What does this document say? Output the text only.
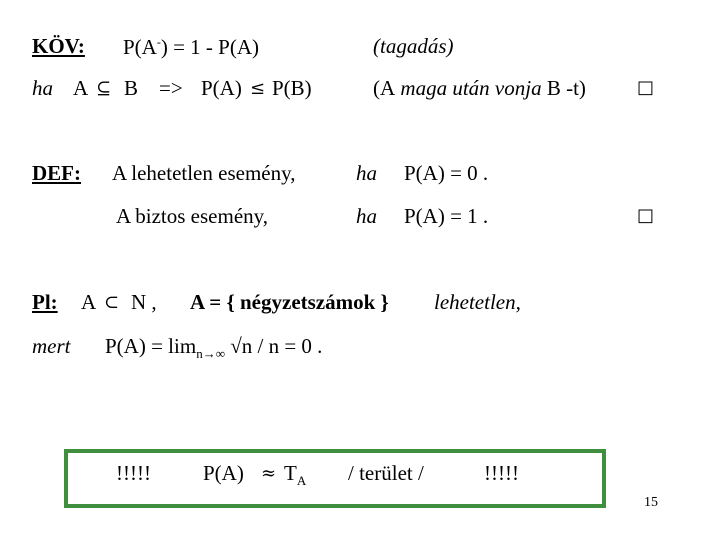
KÖV: P(A-) = 1 - P(A)	(tagadás)
ha A ⊆ B => P(A) ≤ P(B)	(A maga után vonja B -t)	□
DEF: A lehetetlen esemény,	ha P(A) = 0 .
A biztos esemény,	ha P(A) = 1 .	□
Pl: A ⊂ N , A = { négyzetszámok } lehetetlen,
mert $P(A) = \lim_{n\to\infty} √n / n = 0$ .
!!!!! $P(A) \approx T_A$ / terület /	!!!!!
15
